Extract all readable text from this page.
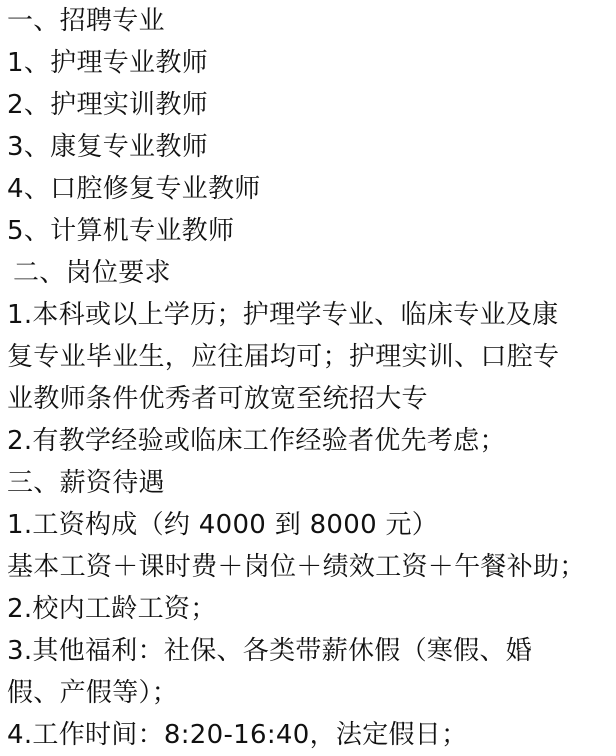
一、招聘专业
1、护理专业教师
2、护理实训教师
3、康复专业教师
4、口腔修复专业教师
5、计算机专业教师
二、岗位要求
1.本科或以上学历；护理学专业、临床专业及康
复专业毕业生，应往届均可；护理实训、口腔专
业教师条件优秀者可放宽至统招大专
2.有教学经验或临床工作经验者优先考虑；
三、薪资待遇
1.工资构成（约 4000 到 8000 元）
基本工资＋课时费＋岗位＋绩效工资＋午餐补助；
2.校内工龄工资；
3.其他福利：社保、各类带薪休假（寒假、婚
假、产假等）；
4.工作时间：8:20-16:40，法定假日；
